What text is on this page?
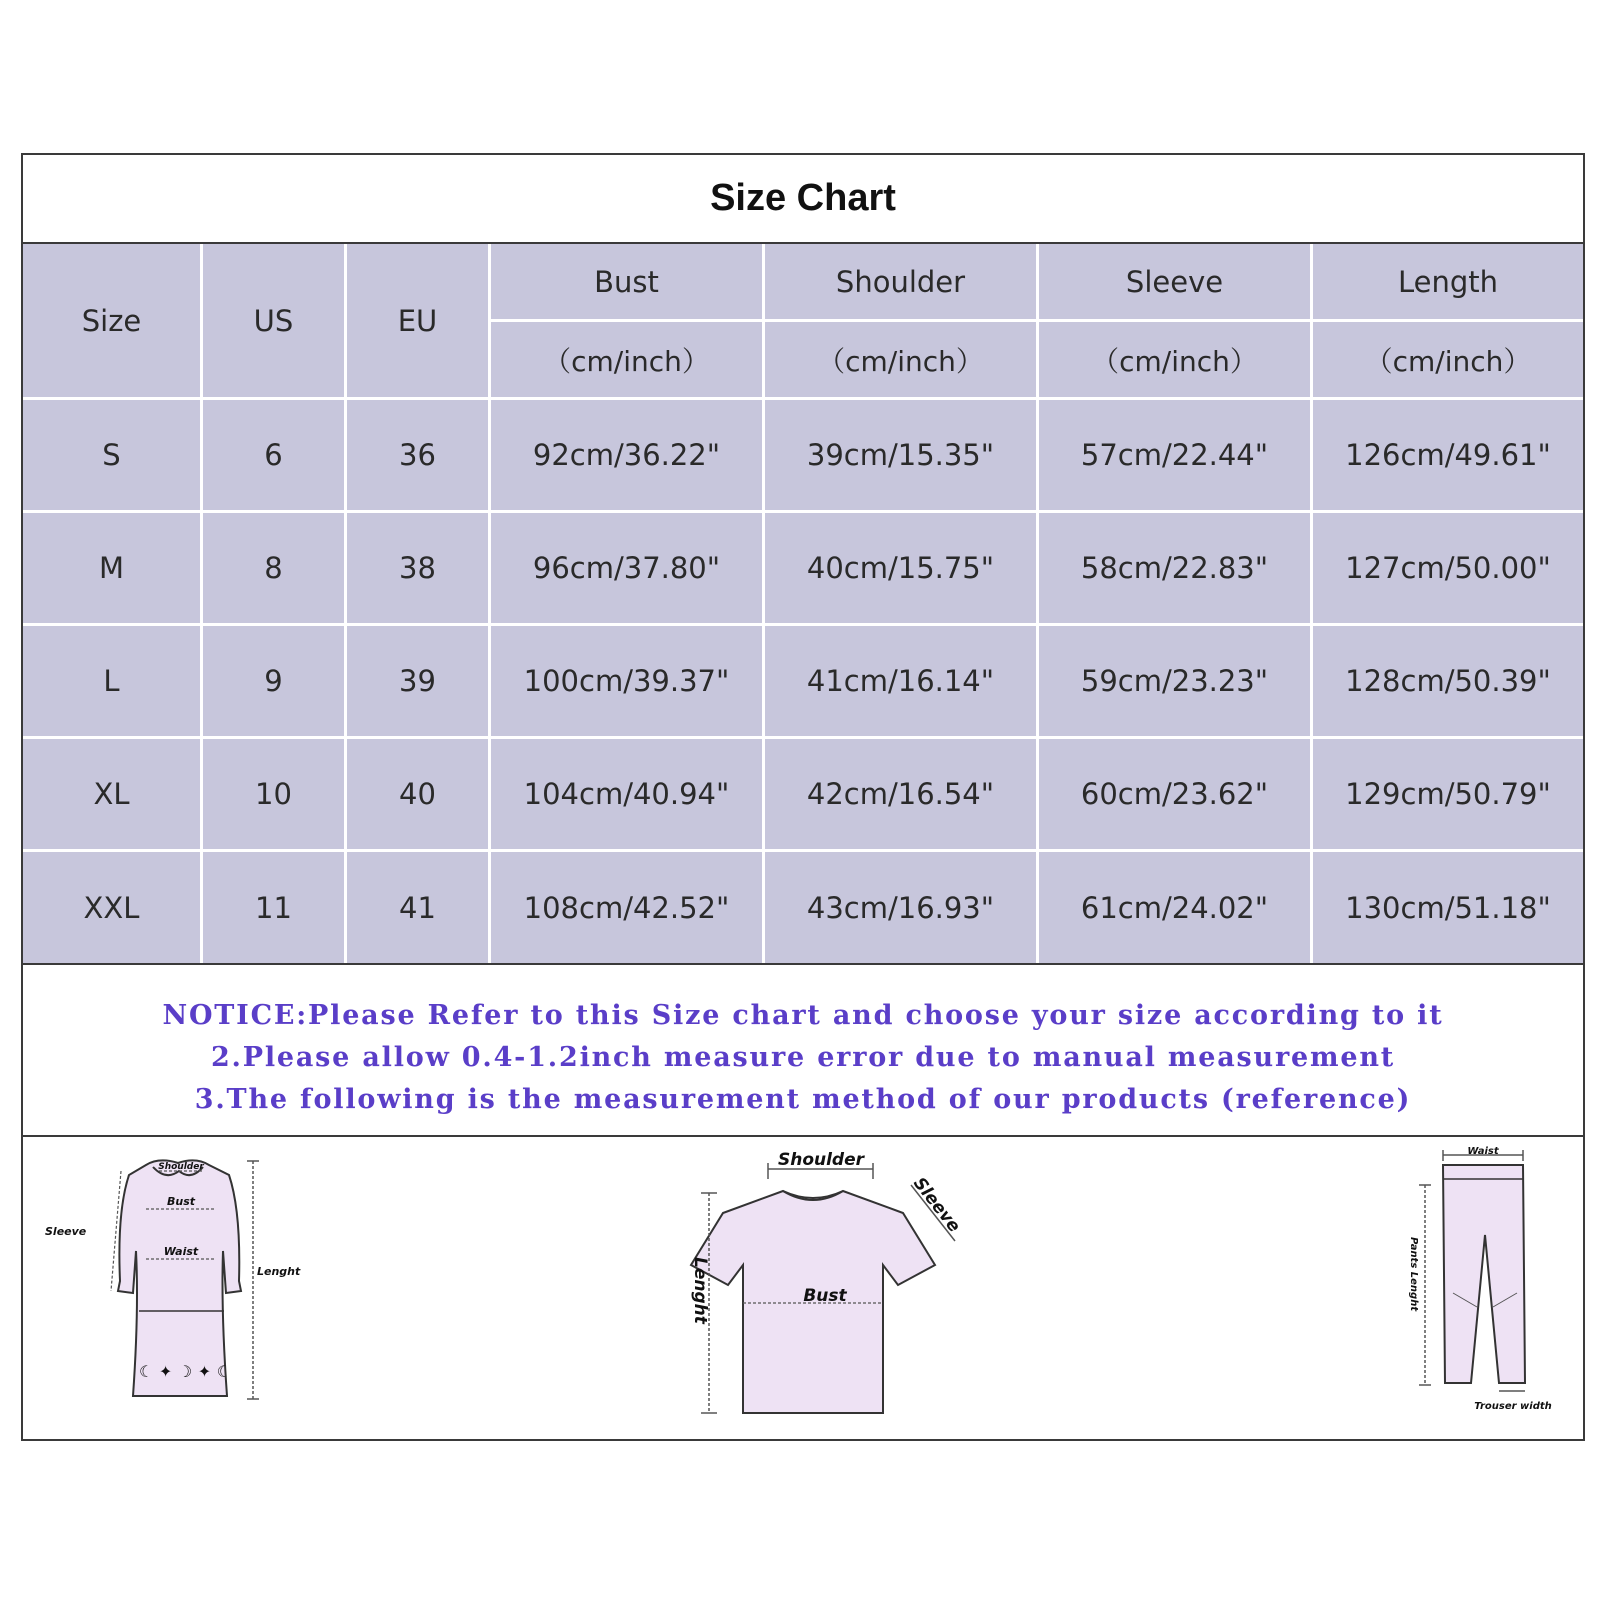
Size Chart
Size	US	EU
Bust	Shoulder	Sleeve	Length
（cm/inch）	（cm/inch）	（cm/inch）	（cm/inch）
S	6	36	92cm/36.22"	39cm/15.35"	57cm/22.44"	126cm/49.61"
M	8	38	96cm/37.80"	40cm/15.75"	58cm/22.83"	127cm/50.00"
L	9	39	100cm/39.37"	41cm/16.14"	59cm/23.23"	128cm/50.39"
XL	10	40	104cm/40.94"	42cm/16.54"	60cm/23.62"	129cm/50.79"
XXL	11	41	108cm/42.52"	43cm/16.93"	61cm/24.02"	130cm/51.18"
NOTICE:Please Refer to this Size chart and choose your size according to it
2.Please allow 0.4-1.2inch measure error due to manual measurement
3.The following is the measurement method of our products (reference)
☾ ✦ ☽ ✦ ☾
Shoulder
Bust
Waist
Sleeve
Lenght
Shoulder
Sleeve
Bust
Lenght
Waist
Pants Lenght
Trouser width
